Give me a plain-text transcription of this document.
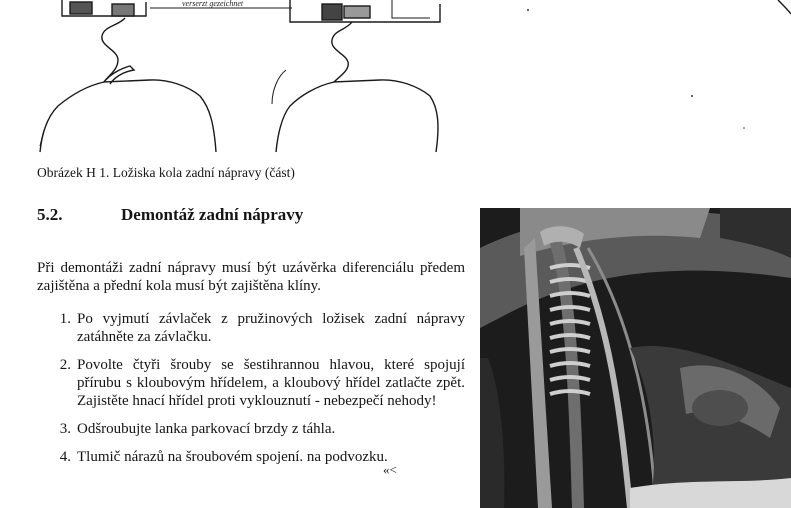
verserzt gezeichnet
Obrázek H 1. Ložiska kola zadní nápravy (část)
5.2.	Demontáž zadní nápravy

Při demontáži zadní nápravy musí být uzávěrka diferenciálu předem zajištěna a přední kola musí být zajištěna klíny.

1. Po vyjmutí závlaček z pružinových ložisek zadní nápravy zatáhněte za závlačku.
2. Povolte čtyři šrouby se šestihrannou hlavou, které spojují přírubu s kloubovým hřídelem, a kloubový hřídel zatlačte zpět. Zajistěte hnací hřídel proti vyklouznutí - nebezpečí nehody!
3. Odšroubujte lanka parkovací brzdy z táhla.
4. Tlumič nárazů na šroubovém spojení. na podvozku.
«<
